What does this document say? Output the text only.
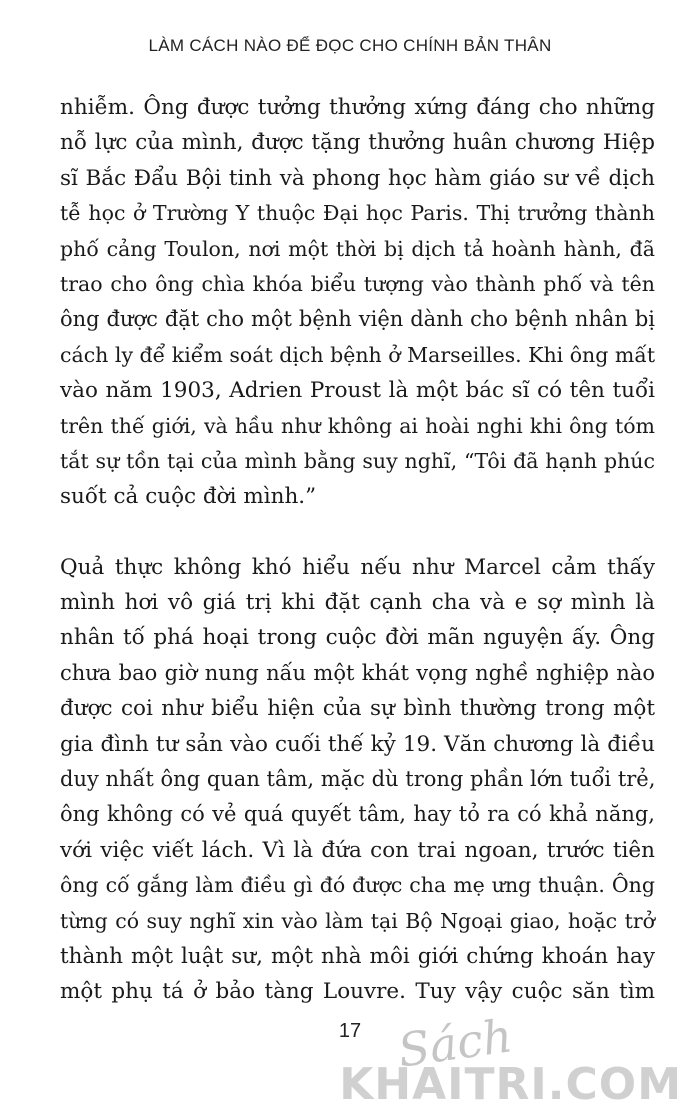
LÀM CÁCH NÀO ĐỂ ĐỌC CHO CHÍNH BẢN THÂN
nhiễm. Ông được tưởng thưởng xứng đáng cho những
nỗ lực của mình, được tặng thưởng huân chương Hiệp
sĩ Bắc Đẩu Bội tinh và phong học hàm giáo sư về dịch
tễ học ở Trường Y thuộc Đại học Paris. Thị trưởng thành
phố cảng Toulon, nơi một thời bị dịch tả hoành hành, đã
trao cho ông chìa khóa biểu tượng vào thành phố và tên
ông được đặt cho một bệnh viện dành cho bệnh nhân bị
cách ly để kiểm soát dịch bệnh ở Marseilles. Khi ông mất
vào năm 1903, Adrien Proust là một bác sĩ có tên tuổi
trên thế giới, và hầu như không ai hoài nghi khi ông tóm
tắt sự tồn tại của mình bằng suy nghĩ, “Tôi đã hạnh phúc
suốt cả cuộc đời mình.”
Quả thực không khó hiểu nếu như Marcel cảm thấy
mình hơi vô giá trị khi đặt cạnh cha và e sợ mình là
nhân tố phá hoại trong cuộc đời mãn nguyện ấy. Ông
chưa bao giờ nung nấu một khát vọng nghề nghiệp nào
được coi như biểu hiện của sự bình thường trong một
gia đình tư sản vào cuối thế kỷ 19. Văn chương là điều
duy nhất ông quan tâm, mặc dù trong phần lớn tuổi trẻ,
ông không có vẻ quá quyết tâm, hay tỏ ra có khả năng,
với việc viết lách. Vì là đứa con trai ngoan, trước tiên
ông cố gắng làm điều gì đó được cha mẹ ưng thuận. Ông
từng có suy nghĩ xin vào làm tại Bộ Ngoại giao, hoặc trở
thành một luật sư, một nhà môi giới chứng khoán hay
một phụ tá ở bảo tàng Louvre. Tuy vậy cuộc săn tìm
17 Sách
KHAITRI.COM
